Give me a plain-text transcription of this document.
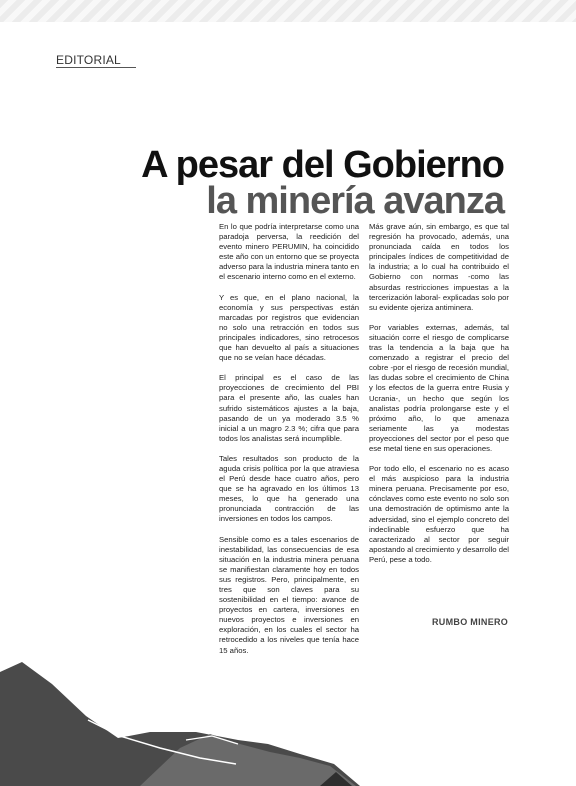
EDITORIAL
A pesar del Gobierno
la minería avanza

En lo que podría interpretarse como una paradoja perversa, la reedición del evento minero PERUMIN, ha coincidido este año con un entorno que se proyecta adverso para la industria minera tanto en el escenario interno como en el externo.

Y es que, en el plano nacional, la economía y sus perspectivas están marcadas por registros que evidencian no solo una retracción en todos sus principales indicadores, sino retrocesos que han devuelto al país a situaciones que no se veían hace décadas.

El principal es el caso de las proyecciones de crecimiento del PBI para el presente año, las cuales han sufrido sistemáticos ajustes a la baja, pasando de un ya moderado 3.5 % inicial a un magro 2.3 %; cifra que para todos los analistas será incumplible.

Tales resultados son producto de la aguda crisis política por la que atraviesa el Perú desde hace cuatro años, pero que se ha agravado en los últimos 13 meses, lo que ha generado una pronunciada contracción de las inversiones en todos los campos.

Sensible como es a tales escenarios de inestabilidad, las consecuencias de esa situación en la industria minera peruana se manifiestan claramente hoy en todos sus registros. Pero, principalmente, en tres que son claves para su sostenibilidad en el tiempo: avance de proyectos en cartera, inversiones en nuevos proyectos e inversiones en exploración, en los cuales el sector ha retrocedido a los niveles que tenía hace 15 años.

Más grave aún, sin embargo, es que tal regresión ha provocado, además, una pronunciada caída en todos los principales índices de competitividad de la industria; a lo cual ha contribuido el Gobierno con normas -como las absurdas restricciones impuestas a la tercerización laboral- explicadas solo por su evidente ojeriza antiminera.

Por variables externas, además, tal situación corre el riesgo de complicarse tras la tendencia a la baja que ha comenzado a registrar el precio del cobre -por el riesgo de recesión mundial, las dudas sobre el crecimiento de China y los efectos de la guerra entre Rusia y Ucrania-, un hecho que según los analistas podría prolongarse este y el próximo año, lo que amenaza seriamente las ya modestas proyecciones del sector por el peso que ese metal tiene en sus operaciones.

Por todo ello, el escenario no es acaso el más auspicioso para la industria minera peruana. Precisamente por eso, cónclaves como este evento no solo son una demostración de optimismo ante la adversidad, sino el ejemplo concreto del indeclinable esfuerzo que ha caracterizado al sector por seguir apostando al crecimiento y desarrollo del Perú, pese a todo.

RUMBO MINERO
